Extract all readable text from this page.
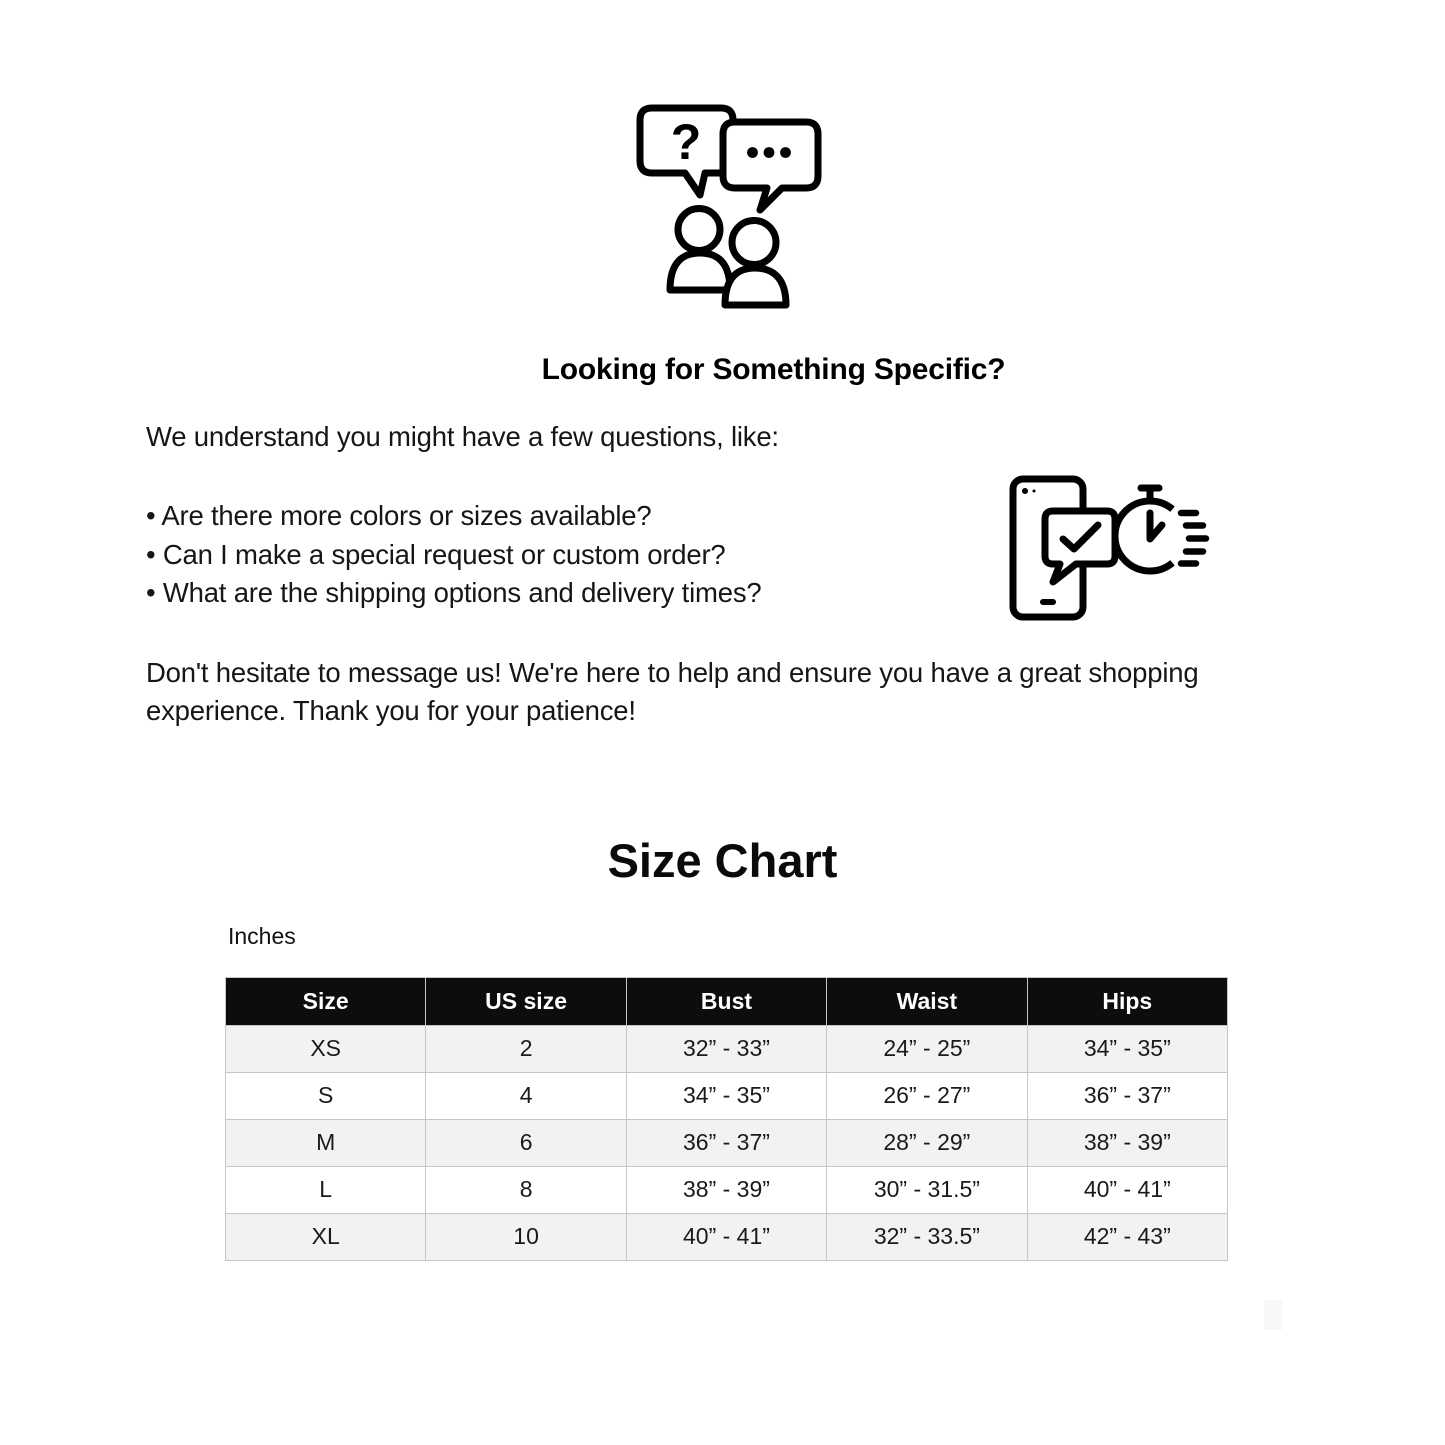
?
Looking for Something Specific?

We understand you might have a few questions, like:

• Are there more colors or sizes available?
• Can I make a special request or custom order?
• What are the shipping options and delivery times?

Don't hesitate to message us! We're here to help and ensure you have a great shopping experience. Thank you for your patience!

Size Chart

Inches

Size	US size	Bust	Waist	Hips
XS	2	32” - 33”	24” - 25”	34” - 35”
S	4	34” - 35”	26” - 27”	36” - 37”
M	6	36” - 37”	28” - 29”	38” - 39”
L	8	38” - 39”	30” - 31.5”	40” - 41”
XL	10	40” - 41”	32” - 33.5”	42” - 43”
